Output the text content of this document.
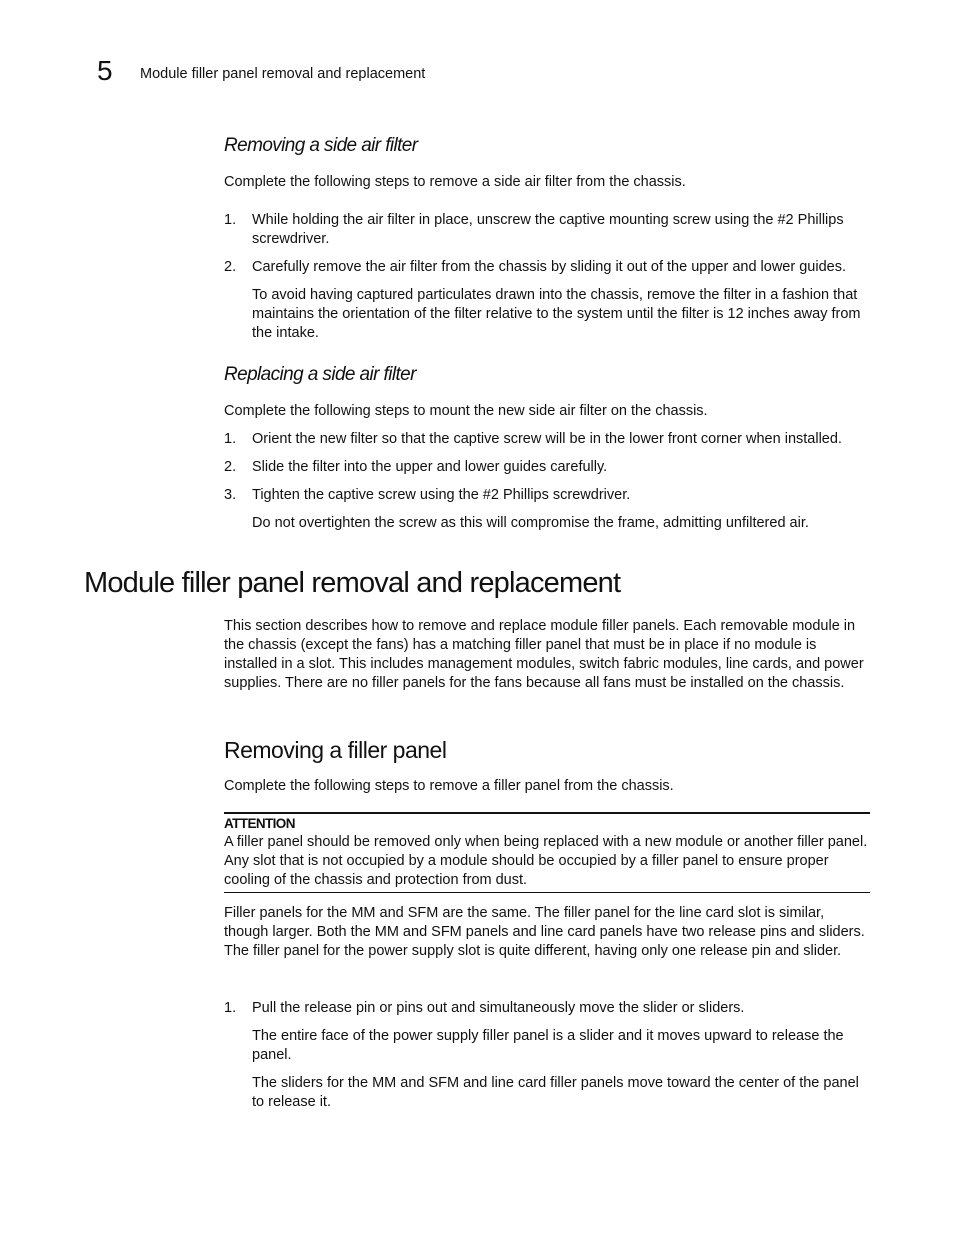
5 Module filler panel removal and replacement
Removing a side air filter

Complete the following steps to remove a side air filter from the chassis.

1. While holding the air filter in place, unscrew the captive mounting screw using the #2 Phillips screwdriver.
2. Carefully remove the air filter from the chassis by sliding it out of the upper and lower guides.

To avoid having captured particulates drawn into the chassis, remove the filter in a fashion that maintains the orientation of the filter relative to the system until the filter is 12 inches away from the intake.

Replacing a side air filter

Complete the following steps to mount the new side air filter on the chassis.

1. Orient the new filter so that the captive screw will be in the lower front corner when installed.
2. Slide the filter into the upper and lower guides carefully.
3. Tighten the captive screw using the #2 Phillips screwdriver.

Do not overtighten the screw as this will compromise the frame, admitting unfiltered air.

Module filler panel removal and replacement

This section describes how to remove and replace module filler panels. Each removable module in the chassis (except the fans) has a matching filler panel that must be in place if no module is installed in a slot. This includes management modules, switch fabric modules, line cards, and power supplies. There are no filler panels for the fans because all fans must be installed on the chassis.

Removing a filler panel

Complete the following steps to remove a filler panel from the chassis.

ATTENTION

A filler panel should be removed only when being replaced with a new module or another filler panel. Any slot that is not occupied by a module should be occupied by a filler panel to ensure proper cooling of the chassis and protection from dust.

Filler panels for the MM and SFM are the same. The filler panel for the line card slot is similar, though larger. Both the MM and SFM panels and line card panels have two release pins and sliders. The filler panel for the power supply slot is quite different, having only one release pin and slider.

1. Pull the release pin or pins out and simultaneously move the slider or sliders.

The entire face of the power supply filler panel is a slider and it moves upward to release the panel.

The sliders for the MM and SFM and line card filler panels move toward the center of the panel to release it.
